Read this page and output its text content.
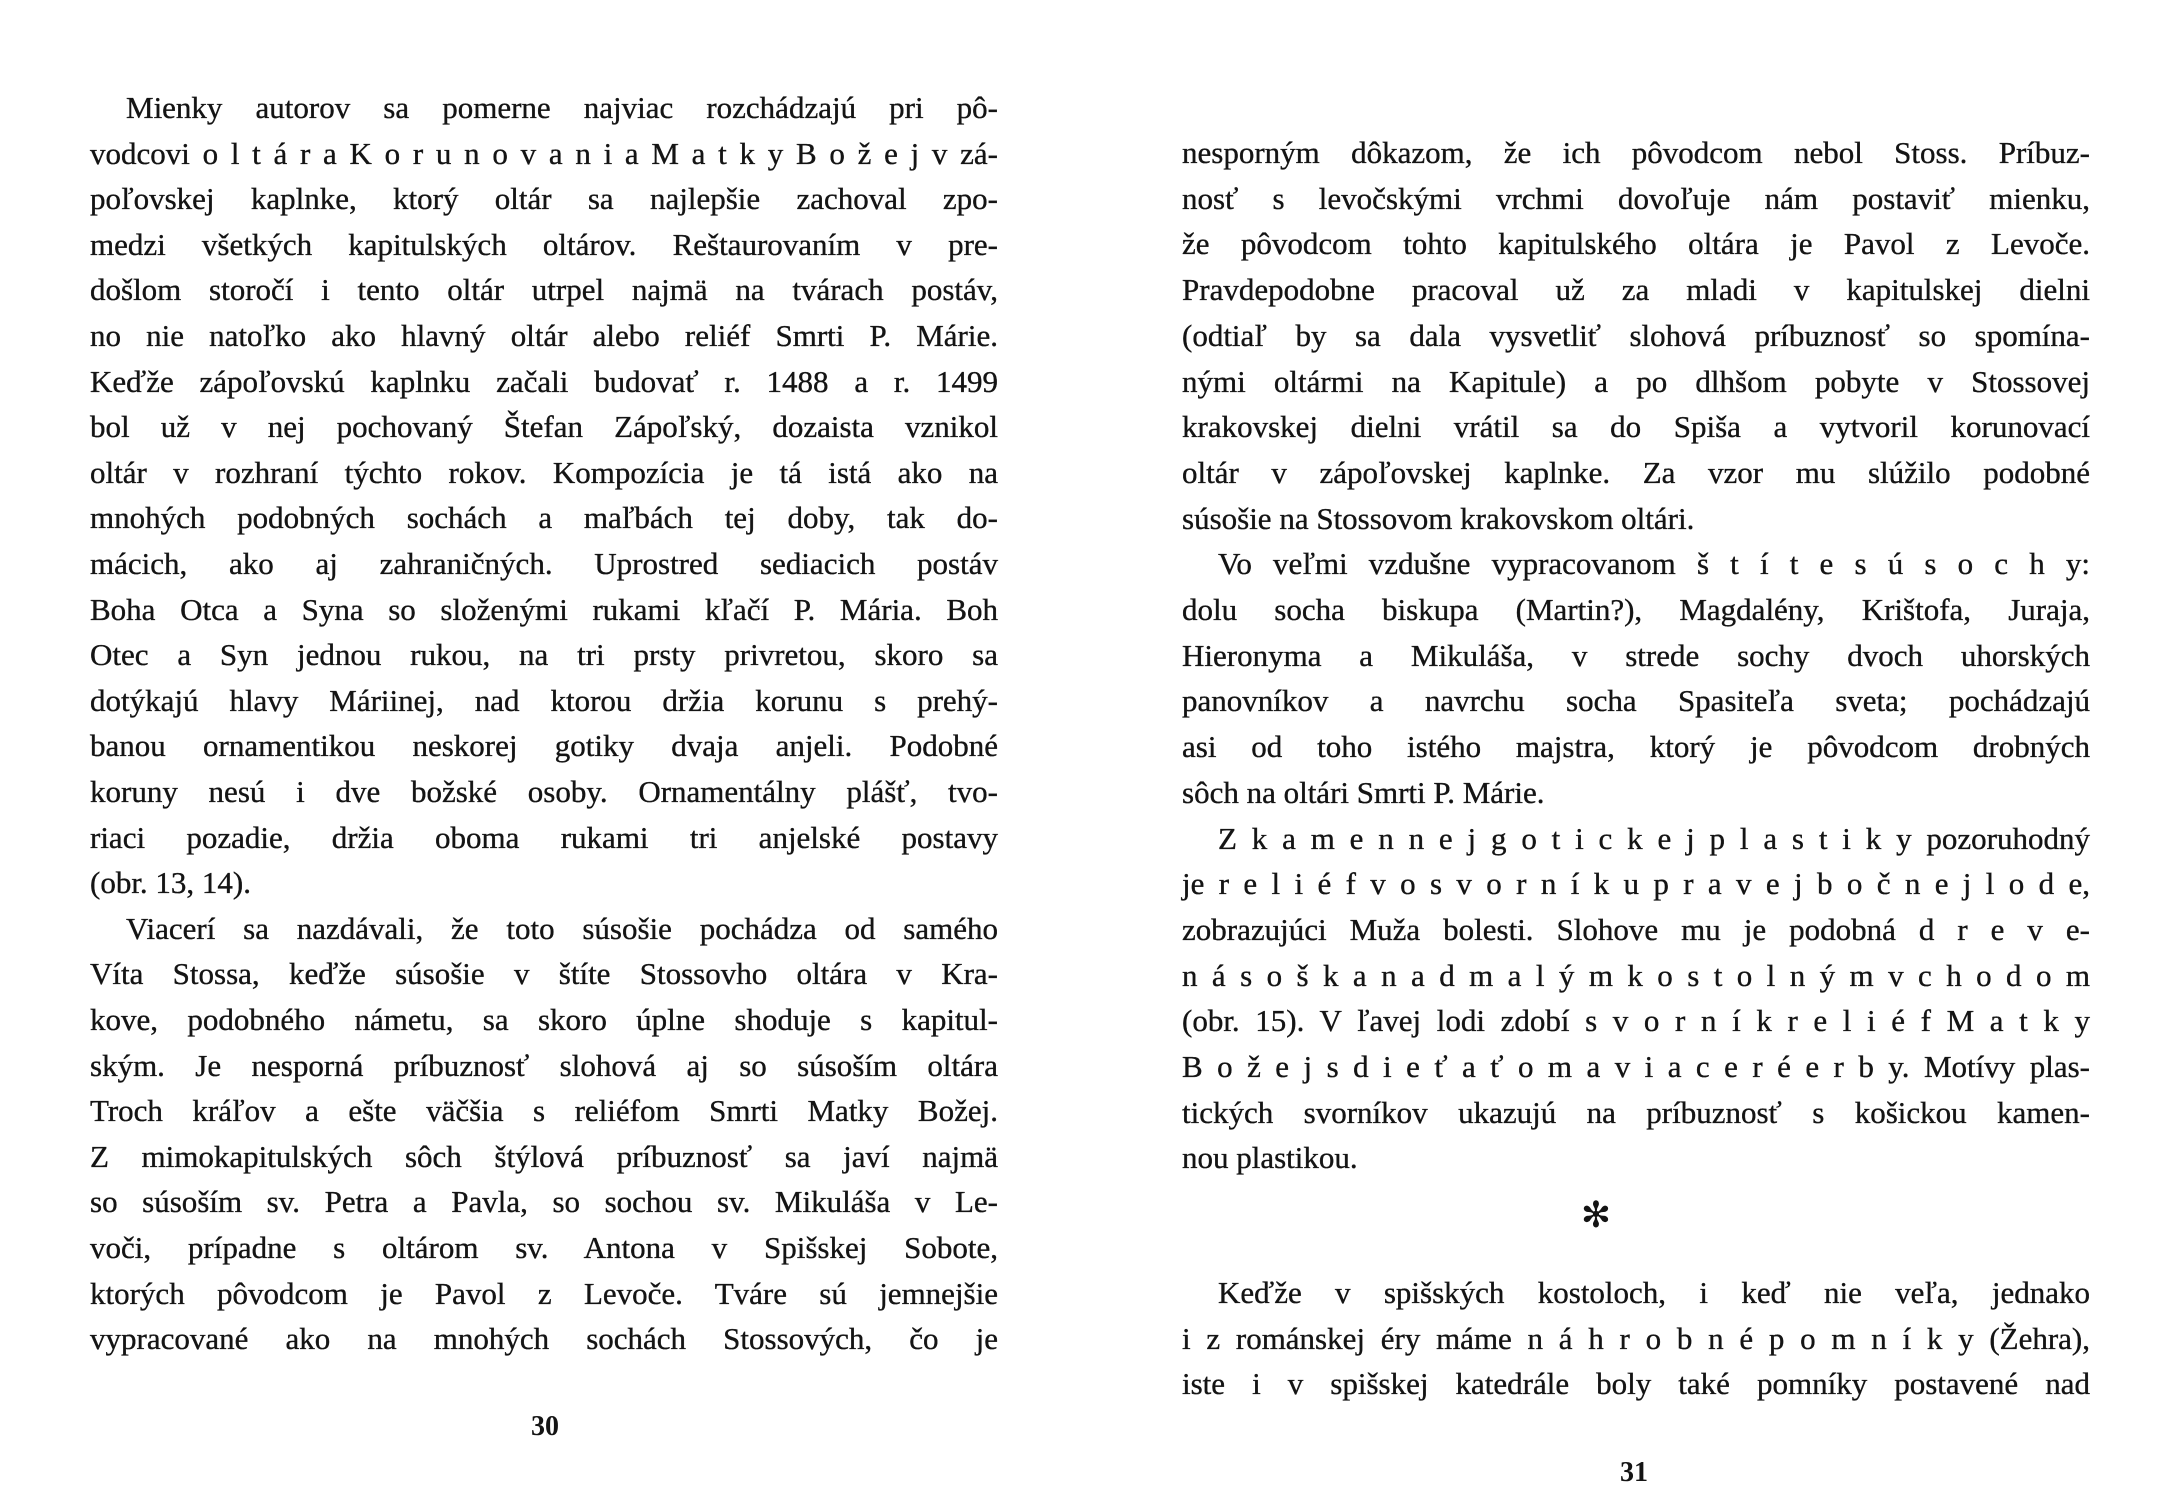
Mienky autorov sa pomerne najviac rozchádzajú pri pô-
vodcovi o l t á r a K o r u n o v a n i a M a t k y B o ž e j v zá-
poľovskej kaplnke, ktorý oltár sa najlepšie zachoval zpo-
medzi všetkých kapitulských oltárov. Reštaurovaním v pre-
došlom storočí i tento oltár utrpel najmä na tvárach postáv,
no nie natoľko ako hlavný oltár alebo reliéf Smrti P. Márie.
Keďže zápoľovskú kaplnku začali budovať r. 1488 a r. 1499
bol už v nej pochovaný Štefan Zápoľský, dozaista vznikol
oltár v rozhraní týchto rokov. Kompozícia je tá istá ako na
mnohých podobných sochách a maľbách tej doby, tak do-
mácich, ako aj zahraničných. Uprostred sediacich postáv
Boha Otca a Syna so složenými rukami kľačí P. Mária. Boh
Otec a Syn jednou rukou, na tri prsty privretou, skoro sa
dotýkajú hlavy Máriinej, nad ktorou držia korunu s prehý-
banou ornamentikou neskorej gotiky dvaja anjeli. Podobné
koruny nesú i dve božské osoby. Ornamentálny plášť, tvo-
riaci pozadie, držia oboma rukami tri anjelské postavy
(obr. 13, 14).
Viacerí sa nazdávali, že toto súsošie pochádza od samého
Víta Stossa, keďže súsošie v štíte Stossovho oltára v Kra-
kove, podobného námetu, sa skoro úplne shoduje s kapitul-
ským. Je nesporná príbuznosť slohová aj so súsoším oltára
Troch kráľov a ešte väčšia s reliéfom Smrti Matky Božej.
Z mimokapitulských sôch štýlová príbuznosť sa javí najmä
so súsoším sv. Petra a Pavla, so sochou sv. Mikuláša v Le-
voči, prípadne s oltárom sv. Antona v Spišskej Sobote,
ktorých pôvodcom je Pavol z Levoče. Tváre sú jemnejšie
vypracované ako na mnohých sochách Stossových, čo je
30
nesporným dôkazom, že ich pôvodcom nebol Stoss. Príbuz-
nosť s levočskými vrchmi dovoľuje nám postaviť mienku,
že pôvodcom tohto kapitulského oltára je Pavol z Levoče.
Pravdepodobne pracoval už za mladi v kapitulskej dielni
(odtiaľ by sa dala vysvetliť slohová príbuznosť so spomína-
nými oltármi na Kapitule) a po dlhšom pobyte v Stossovej
krakovskej dielni vrátil sa do Spiša a vytvoril korunovací
oltár v zápoľovskej kaplnke. Za vzor mu slúžilo podobné
súsošie na Stossovom krakovskom oltári.
Vo veľmi vzdušne vypracovanom š t í t e s ú s o c h y:
dolu socha biskupa (Martin?), Magdalény, Krištofa, Juraja,
Hieronyma a Mikuláša, v strede sochy dvoch uhorských
panovníkov a navrchu socha Spasiteľa sveta; pochádzajú
asi od toho istého majstra, ktorý je pôvodcom drobných
sôch na oltári Smrti P. Márie.
Z k a m e n n e j g o t i c k e j p l a s t i k y pozoruhodný
je r e l i é f v o s v o r n í k u p r a v e j b o č n e j l o d e,
zobrazujúci Muža bolesti. Slohove mu je podobná d r e v e-
n á s o š k a n a d m a l ý m k o s t o l n ý m v c h o d o m
(obr. 15). V ľavej lodi zdobí s v o r n í k r e l i é f M a t k y
B o ž e j s d i e ť a ť o m a v i a c e r é e r b y. Motívy plas-
tických svorníkov ukazujú na príbuznosť s košickou kamen-
nou plastikou.
✻
Keďže v spišských kostoloch, i keď nie veľa, jednako
i z románskej éry máme n á h r o b n é p o m n í k y (Žehra),
iste i v spišskej katedrále boly také pomníky postavené nad
31
